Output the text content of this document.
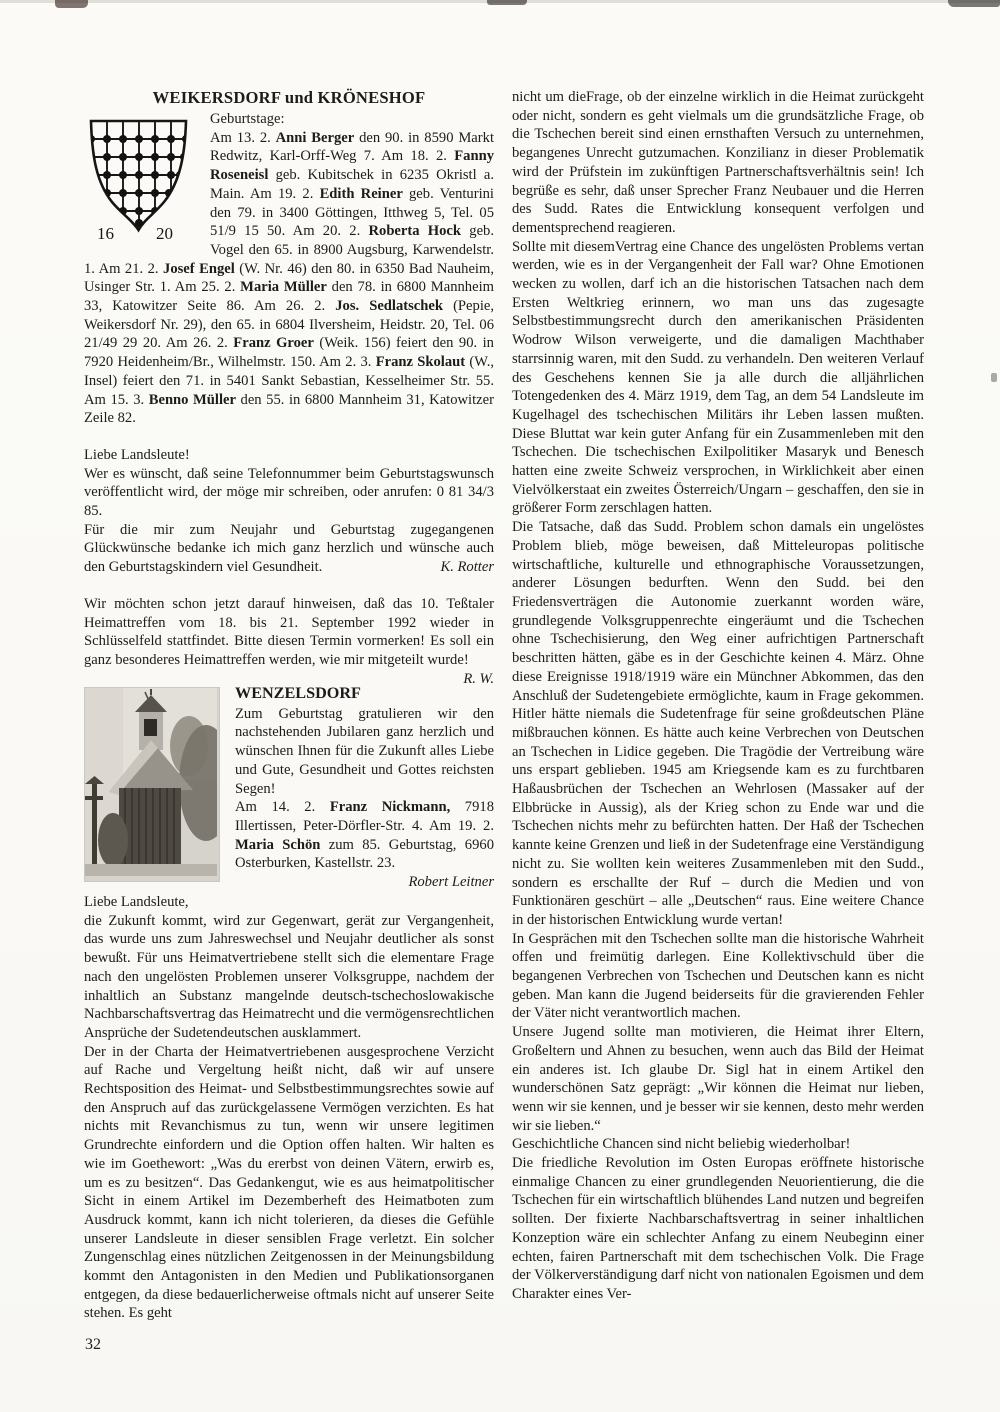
WEIKERSDORF und KRÖNESHOF
16 20

Geburtstage:

Am 13. 2. Anni Berger den 90. in 8590 Markt Redwitz, Karl-Orff-Weg 7. Am 18. 2. Fanny Roseneisl geb. Kubitschek in 6235 Okristl a. Main. Am 19. 2. Edith Reiner geb. Venturini den 79. in 3400 Göttingen, Itthweg 5, Tel. 05 51/9 15 50. Am 20. 2. Roberta Hock geb. Vogel den 65. in 8900 Augsburg, Karwendelstr. 1. Am 21. 2. Josef Engel (W. Nr. 46) den 80. in 6350 Bad Nauheim, Usinger Str. 1. Am 25. 2. Maria Müller den 78. in 6800 Mannheim 33, Katowitzer Seite 86. Am 26. 2. Jos. Sedlatschek (Pepie, Weikersdorf Nr. 29), den 65. in 6804 Ilversheim, Heidstr. 20, Tel. 06 21/49 29 20. Am 26. 2. Franz Groer (Weik. 156) feiert den 90. in 7920 Heidenheim/Br., Wilhelmstr. 150. Am 2. 3. Franz Skolaut (W., Insel) feiert den 71. in 5401 Sankt Sebastian, Kesselheimer Str. 55. Am 15. 3. Benno Müller den 55. in 6800 Mannheim 31, Katowitzer Zeile 82.

Liebe Landsleute!

Wer es wünscht, daß seine Telefonnummer beim Geburtstagswunsch veröffentlicht wird, der möge mir schreiben, oder anrufen: 0 81 34/3 85.

Für die mir zum Neujahr und Geburtstag zugegangenen Glückwünsche bedanke ich mich ganz herzlich und wünsche auch den Geburtstagskindern viel Gesundheit.	K. Rotter

Wir möchten schon jetzt darauf hinweisen, daß das 10. Teßtaler Heimattreffen vom 18. bis 21. September 1992 wieder in Schlüsselfeld stattfindet. Bitte diesen Termin vormerken! Es soll ein ganz besonderes Heimattreffen werden, wie mir mitgeteilt wurde!
R. W.

WENZELSDORF

Zum Geburtstag gratulieren wir den nachstehenden Jubilaren ganz herzlich und wünschen Ihnen für die Zukunft alles Liebe und Gute, Gesundheit und Gottes reichsten Segen!

Am 14. 2. Franz Nickmann, 7918 Illertissen, Peter-Dörfler-Str. 4. Am 19. 2. Maria Schön zum 85. Geburtstag, 6960 Osterburken, Kastellstr. 23.
Robert Leitner

Liebe Landsleute,

die Zukunft kommt, wird zur Gegenwart, gerät zur Vergangenheit, das wurde uns zum Jahreswechsel und Neujahr deutlicher als sonst bewußt. Für uns Heimatvertriebene stellt sich die elementare Frage nach den ungelösten Problemen unserer Volksgruppe, nachdem der inhaltlich an Substanz mangelnde deutsch-tschechoslowakische Nachbarschaftsvertrag das Heimatrecht und die vermögensrechtlichen Ansprüche der Sudetendeutschen ausklammert.

Der in der Charta der Heimatvertriebenen ausgesprochene Verzicht auf Rache und Vergeltung heißt nicht, daß wir auf unsere Rechtsposition des Heimat- und Selbstbestimmungsrechtes sowie auf den Anspruch auf das zurückgelassene Vermögen verzichten. Es hat nichts mit Revanchismus zu tun, wenn wir unsere legitimen Grundrechte einfordern und die Option offen halten. Wir halten es wie im Goethewort: „Was du ererbst von deinen Vätern, erwirb es, um es zu besitzen“. Das Gedankengut, wie es aus heimatpolitischer Sicht in einem Artikel im Dezemberheft des Heimatboten zum Ausdruck kommt, kann ich nicht tolerieren, da dieses die Gefühle unserer Landsleute in dieser sensiblen Frage verletzt. Ein solcher Zungenschlag eines nützlichen Zeitgenossen in der Meinungsbildung kommt den Antagonisten in den Medien und Publikationsorganen entgegen, da diese bedauerlicherweise oftmals nicht auf unserer Seite stehen. Es geht

nicht um dieFrage, ob der einzelne wirklich in die Heimat zurückgeht oder nicht, sondern es geht vielmals um die grundsätzliche Frage, ob die Tschechen bereit sind einen ernsthaften Versuch zu unternehmen, begangenes Unrecht gutzumachen. Konzilianz in dieser Problematik wird der Prüfstein im zukünftigen Partnerschaftsverhältnis sein! Ich begrüße es sehr, daß unser Sprecher Franz Neubauer und die Herren des Sudd. Rates die Entwicklung konsequent verfolgen und dementsprechend reagieren.

Sollte mit diesemVertrag eine Chance des ungelösten Problems vertan werden, wie es in der Vergangenheit der Fall war? Ohne Emotionen wecken zu wollen, darf ich an die historischen Tatsachen nach dem Ersten Weltkrieg erinnern, wo man uns das zugesagte Selbstbestimmungsrecht durch den amerikanischen Präsidenten Wodrow Wilson verweigerte, und die damaligen Machthaber starrsinnig waren, mit den Sudd. zu verhandeln. Den weiteren Verlauf des Geschehens kennen Sie ja alle durch die alljährlichen Totengedenken des 4. März 1919, dem Tag, an dem 54 Landsleute im Kugelhagel des tschechischen Militärs ihr Leben lassen mußten. Diese Bluttat war kein guter Anfang für ein Zusammenleben mit den Tschechen. Die tschechischen Exilpolitiker Masaryk und Benesch hatten eine zweite Schweiz versprochen, in Wirklichkeit aber einen Vielvölkerstaat ein zweites Österreich/Ungarn – geschaffen, den sie in größerer Form zerschlagen hatten.

Die Tatsache, daß das Sudd. Problem schon damals ein ungelöstes Problem blieb, möge beweisen, daß Mitteleuropas politische wirtschaftliche, kulturelle und ethnographische Voraussetzungen, anderer Lösungen bedurften. Wenn den Sudd. bei den Friedensverträgen die Autonomie zuerkannt worden wäre, grundlegende Volksgruppenrechte eingeräumt und die Tschechen ohne Tschechisierung, den Weg einer aufrichtigen Partnerschaft beschritten hätten, gäbe es in der Geschichte keinen 4. März. Ohne diese Ereignisse 1918/1919 wäre ein Münchner Abkommen, das den Anschluß der Sudetengebiete ermöglichte, kaum in Frage gekommen. Hitler hätte niemals die Sudetenfrage für seine großdeutschen Pläne mißbrauchen können. Es hätte auch keine Verbrechen von Deutschen an Tschechen in Lidice gegeben. Die Tragödie der Vertreibung wäre uns erspart geblieben. 1945 am Kriegsende kam es zu furchtbaren Haßausbrüchen der Tschechen an Wehrlosen (Massaker auf der Elbbrücke in Aussig), als der Krieg schon zu Ende war und die Tschechen nichts mehr zu befürchten hatten. Der Haß der Tschechen kannte keine Grenzen und ließ in der Sudetenfrage eine Verständigung nicht zu. Sie wollten kein weiteres Zusammenleben mit den Sudd., sondern es erschallte der Ruf – durch die Medien und von Funktionären geschürt – alle „Deutschen“ raus. Eine weitere Chance in der historischen Entwicklung wurde vertan!

In Gesprächen mit den Tschechen sollte man die historische Wahrheit offen und freimütig darlegen. Eine Kollektivschuld über die begangenen Verbrechen von Tschechen und Deutschen kann es nicht geben. Man kann die Jugend beiderseits für die gravierenden Fehler der Väter nicht verantwortlich machen.

Unsere Jugend sollte man motivieren, die Heimat ihrer Eltern, Großeltern und Ahnen zu besuchen, wenn auch das Bild der Heimat ein anderes ist. Ich glaube Dr. Sigl hat in einem Artikel den wunderschönen Satz geprägt: „Wir können die Heimat nur lieben, wenn wir sie kennen, und je besser wir sie kennen, desto mehr werden wir sie lieben.“

Geschichtliche Chancen sind nicht beliebig wiederholbar!

Die friedliche Revolution im Osten Europas eröffnete historische einmalige Chancen zu einer grundlegenden Neuorientierung, die die Tschechen für ein wirtschaftlich blühendes Land nutzen und begreifen sollten. Der fixierte Nachbarschaftsvertrag in seiner inhaltlichen Konzeption wäre ein schlechter Anfang zu einem Neubeginn einer echten, fairen Partnerschaft mit dem tschechischen Volk. Die Frage der Völkerverständigung darf nicht von nationalen Egoismen und dem Charakter eines Ver-

32
